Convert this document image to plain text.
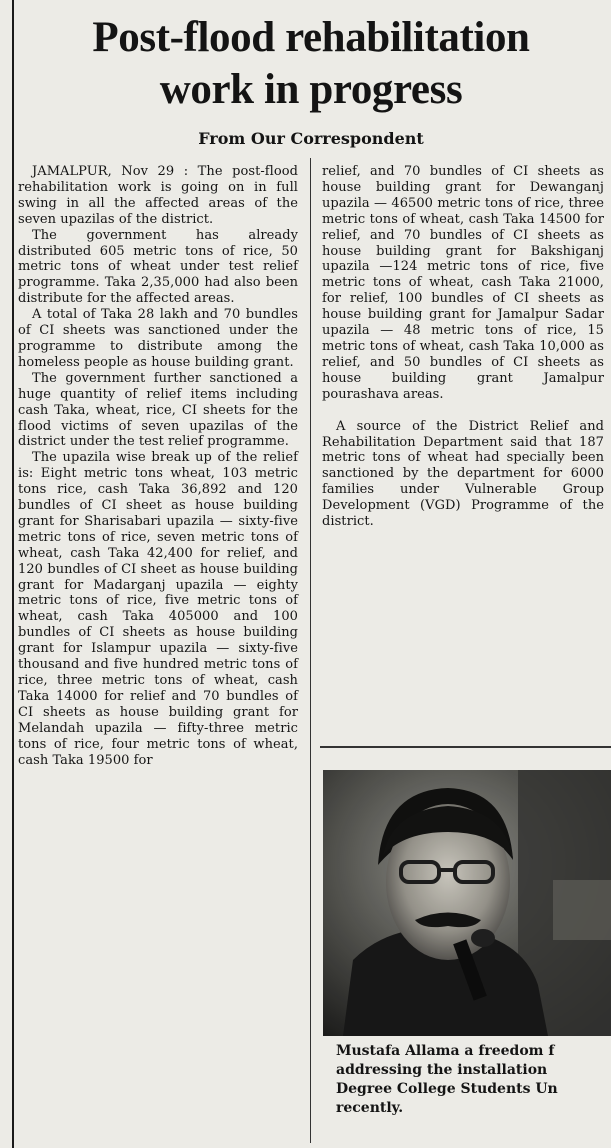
Post-flood rehabilitation
work in progress
From Our Correspondent

JAMALPUR, Nov 29 : The post-flood rehabilitation work is going on in full swing in all the affected areas of the seven upazilas of the district.

The government has already distributed 605 metric tons of rice, 50 metric tons of wheat under test relief programme. Taka 2,35,000 had also been distribute for the affected areas.

A total of Taka 28 lakh and 70 bundles of CI sheets was sanctioned under the programme to distribute among the homeless people as house building grant.

The government further sanctioned a huge quantity of relief items including cash Taka, wheat, rice, CI sheets for the flood victims of seven upazilas of the district under the test relief programme.

The upazila wise break up of the relief is: Eight metric tons wheat, 103 metric tons rice, cash Taka 36,892 and 120 bundles of CI sheet as house building grant for Sharisabari upazila — sixty-five metric tons of rice, seven metric tons of wheat, cash Taka 42,400 for relief, and 120 bundles of CI sheet as house building grant for Madarganj upazila — eighty metric tons of rice, five metric tons of wheat, cash Taka 405000 and 100 bundles of CI sheets as house building grant for Islampur upazila — sixty-five thousand and five hundred metric tons of rice, three metric tons of wheat, cash Taka 14000 for relief and 70 bundles of CI sheets as house building grant for Melandah upazila — fifty-three metric tons of rice, four metric tons of wheat, cash Taka 19500 for

relief, and 70 bundles of CI sheets as house building grant for Dewanganj upazila — 46500 metric tons of rice, three metric tons of wheat, cash Taka 14500 for relief, and 70 bundles of CI sheets as house building grant for Bakshiganj upazila —124 metric tons of rice, five metric tons of wheat, cash Taka 21000, for relief, 100 bundles of CI sheets as house building grant for Jamalpur Sadar upazila — 48 metric tons of rice, 15 metric tons of wheat, cash Taka 10,000 as relief, and 50 bundles of CI sheets as house building grant Jamalpur pourashava areas.

A source of the District Relief and Rehabilitation Department said that 187 metric tons of wheat had specially been sanctioned by the department for 6000 families under Vulnerable Group Development (VGD) Programme of the district.

Mustafa Allama a freedom f
addressing the installation
Degree College Students Un
recently.
